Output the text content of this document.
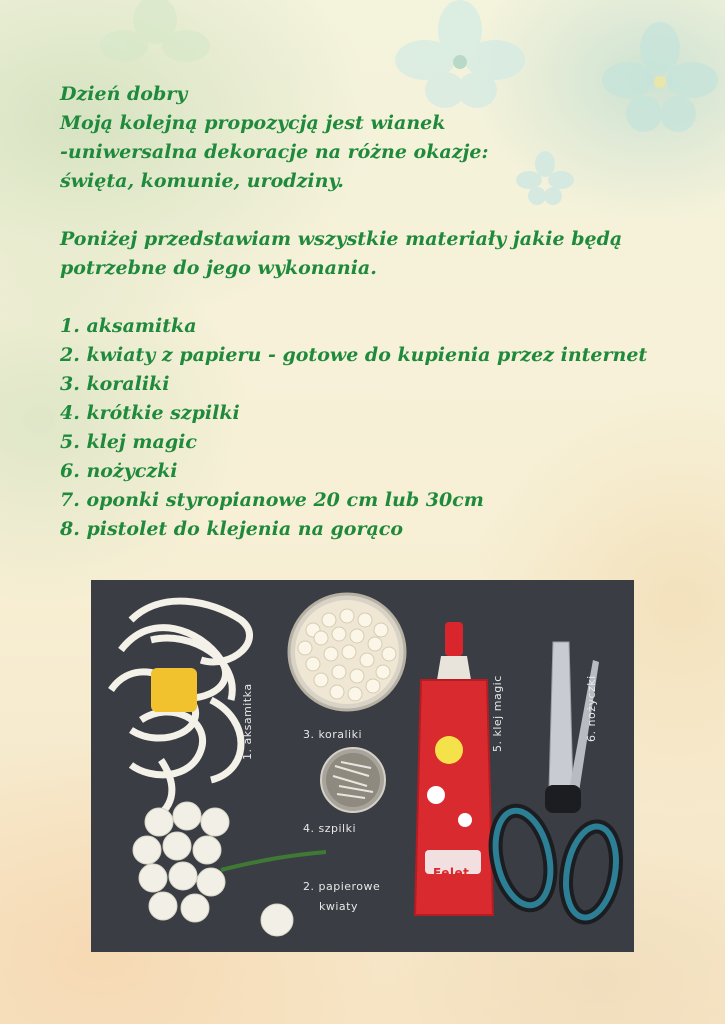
Dzień dobry
Moją kolejną propozycją jest wianek
-uniwersalna dekoracje na różne okazje:
święta, komunie, urodziny.
Poniżej przedstawiam wszystkie materiały jakie będą
potrzebne do jego wykonania.
1. aksamitka
2. kwiaty z papieru - gotowe do kupienia przez internet
3. koraliki
4. krótkie szpilki
5. klej magic
6. nożyczki
7. oponki styropianowe 20 cm lub 30cm
8. pistolet do klejenia na gorąco
1. aksamitka	3. koraliki
4. szpilki
2. papierowe
kwiaty
5. klej magic	6. nożyczki
Felet
